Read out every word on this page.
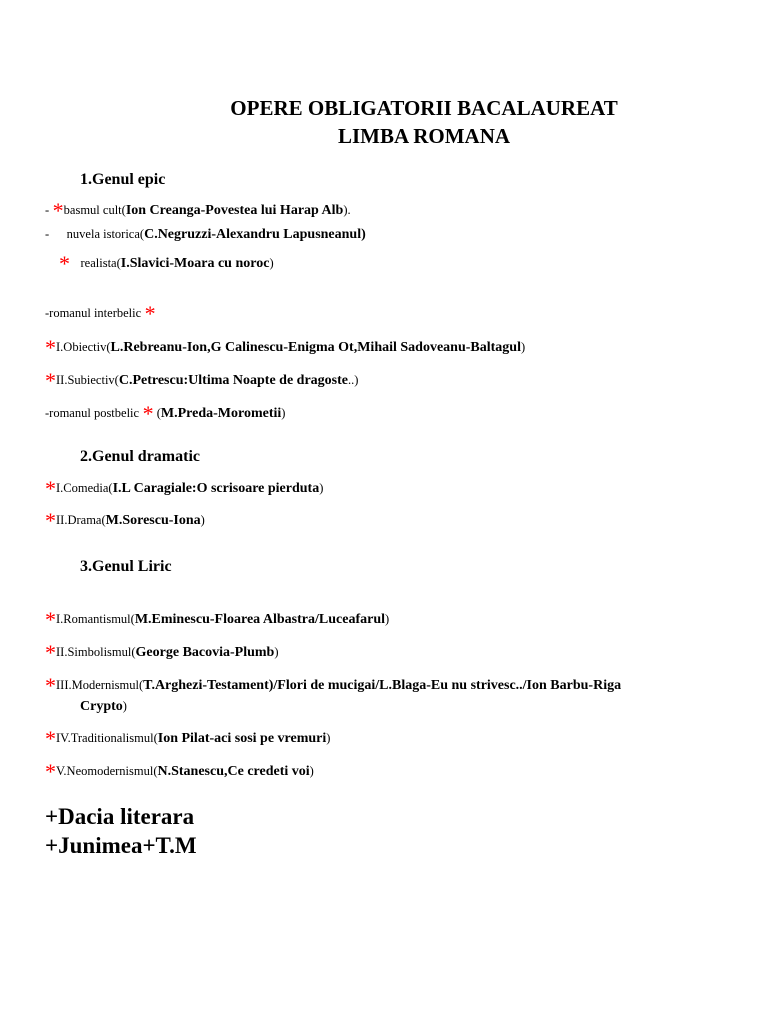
OPERE OBLIGATORII BACALAUREAT
LIMBA ROMANA
1.Genul epic
- *basmul cult(Ion Creanga-Povestea lui Harap Alb).
- nuvela istorica(C.Negruzzi-Alexandru Lapusneanul)
* realista(I.Slavici-Moara cu noroc)
-romanul interbelic *
*I.Obiectiv(L.Rebreanu-Ion,G Calinescu-Enigma Ot,Mihail Sadoveanu-Baltagul)
*II.Subiectiv(C.Petrescu:Ultima Noapte de dragoste..)
-romanul postbelic * (M.Preda-Morometii)
2.Genul dramatic
*I.Comedia(I.L Caragiale:O scrisoare pierduta)
*II.Drama(M.Sorescu-Iona)
3.Genul Liric
*I.Romantismul(M.Eminescu-Floarea Albastra/Luceafarul)
*II.Simbolismul(George Bacovia-Plumb)
*III.Modernismul(T.Arghezi-Testament)/Flori de mucigai/L.Blaga-Eu nu strivesc../Ion Barbu-Riga
Crypto)
*IV.Traditionalismul(Ion Pilat-aci sosi pe vremuri)
*V.Neomodernismul(N.Stanescu,Ce credeti voi)
+Dacia literara
+Junimea+T.M
